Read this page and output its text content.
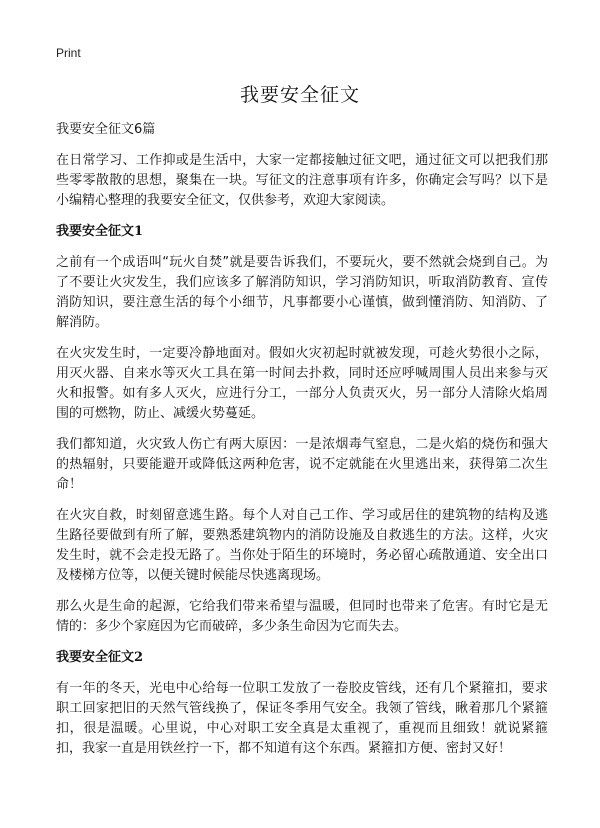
Print
我要安全征文

我要安全征文6篇

在日常学习、工作抑或是生活中，大家一定都接触过征文吧，通过征文可以把我们那些零零散散的思想，聚集在一块。写征文的注意事项有许多，你确定会写吗？以下是小编精心整理的我要安全征文，仅供参考，欢迎大家阅读。

我要安全征文1

之前有一个成语叫“玩火自焚”就是要告诉我们，不要玩火，要不然就会烧到自己。为了不要让火灾发生，我们应该多了解消防知识，学习消防知识，听取消防教育、宣传消防知识，要注意生活的每个小细节，凡事都要小心谨慎，做到懂消防、知消防、了解消防。

在火灾发生时，一定要冷静地面对。假如火灾初起时就被发现，可趁火势很小之际，用灭火器、自来水等灭火工具在第一时间去扑救，同时还应呼喊周围人员出来参与灭火和报警。如有多人灭火，应进行分工，一部分人负责灭火，另一部分人清除火焰周围的可燃物，防止、减缓火势蔓延。

我们都知道，火灾致人伤亡有两大原因：一是浓烟毒气窒息，二是火焰的烧伤和强大的热辐射，只要能避开或降低这两种危害，说不定就能在火里逃出来，获得第二次生命！

在火灾自救，时刻留意逃生路。每个人对自己工作、学习或居住的建筑物的结构及逃生路径要做到有所了解，要熟悉建筑物内的消防设施及自救逃生的方法。这样，火灾发生时，就不会走投无路了。当你处于陌生的环境时，务必留心疏散通道、安全出口及楼梯方位等，以便关键时候能尽快逃离现场。

那么火是生命的起源，它给我们带来希望与温暖，但同时也带来了危害。有时它是无情的：多少个家庭因为它而破碎，多少条生命因为它而失去。

我要安全征文2

有一年的冬天，光电中心给每一位职工发放了一卷胶皮管线，还有几个紧箍扣，要求职工回家把旧的天然气管线换了，保证冬季用气安全。我领了管线，瞅着那几个紧箍扣，很是温暖。心里说，中心对职工安全真是太重视了，重视而且细致！就说紧箍扣，我家一直是用铁丝拧一下，都不知道有这个东西。紧箍扣方便、密封又好！
